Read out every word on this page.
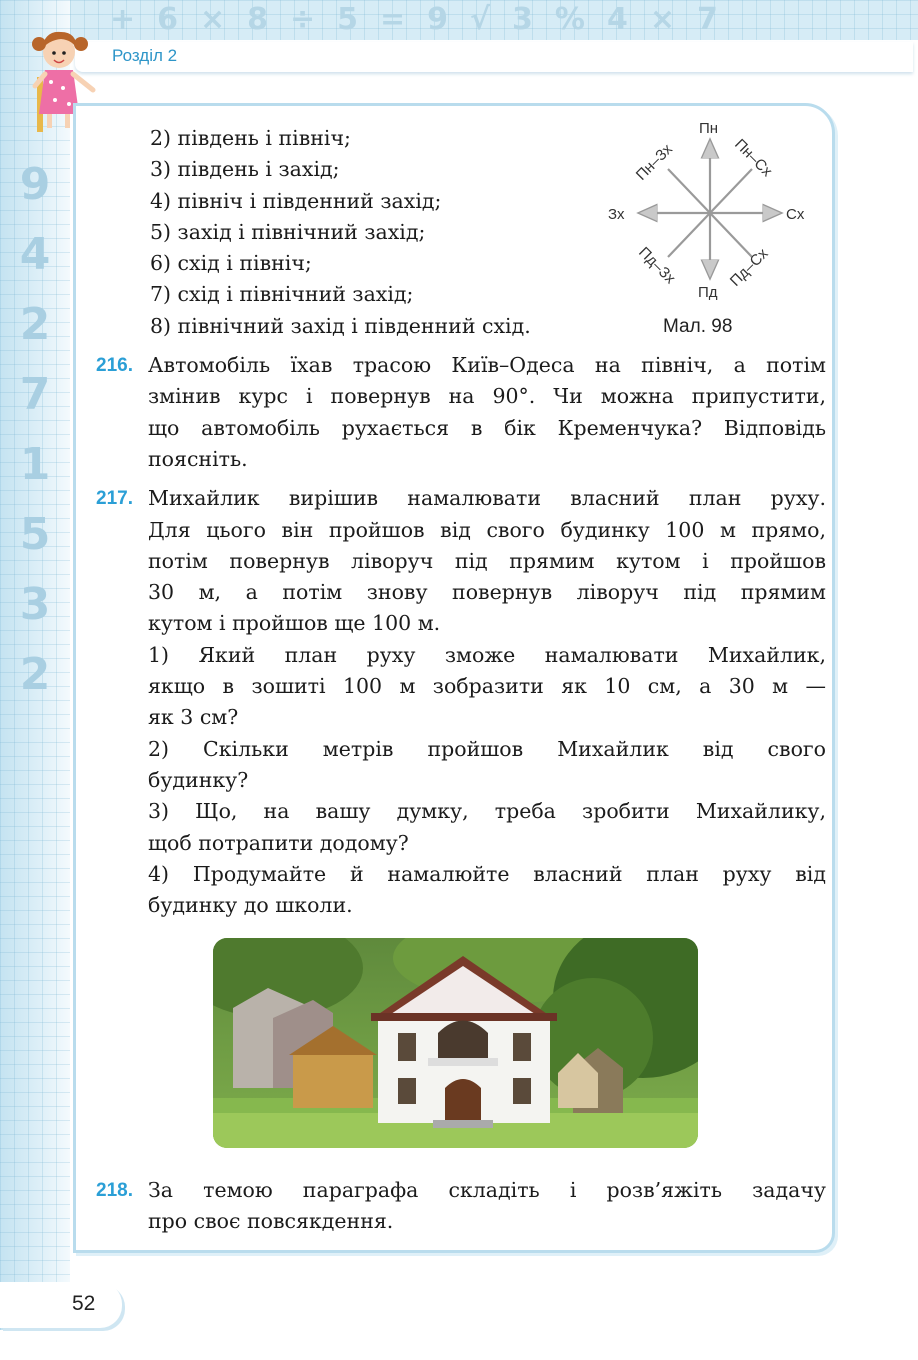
+6×8÷5=9√3%4×7
9
4
2
7
1
5
3
2
Розділ 2
Пн
Пд
Сх
Зх
Пн–Зх	Пн–Сх
Пд–Зх	Пд–Сх
Мал. 98
2) південь і північ;
3) південь і захід;
4) північ і південний захід;
5) захід і північний захід;
6) схід і північ;
7) схід і північний захід;
8) північний захід і південний схід.
216. Автомобіль їхав трасою Київ–Одеса на північ, а потім
змінив курс і повернув на 90°. Чи можна припустити,
що автомобіль рухається в бік Кременчука? Відповідь
поясніть.
217. Михайлик вирішив намалювати власний план руху.
Для цього він пройшов від свого будинку 100 м прямо,
потім повернув ліворуч під прямим кутом і пройшов
30 м, а потім знову повернув ліворуч під прямим
кутом і пройшов ще 100 м.
1) Який план руху зможе намалювати Михайлик,
якщо в зошиті 100 м зобразити як 10 см, а 30 м —
як 3 см?
2) Скільки метрів пройшов Михайлик від свого
будинку?
3) Що, на вашу думку, треба зробити Михайлику,
щоб потрапити додому?
4) Продумайте й намалюйте власний план руху від
будинку до школи.
218. За темою параграфа складіть і розв’яжіть задачу
про своє повсякдення.
52
